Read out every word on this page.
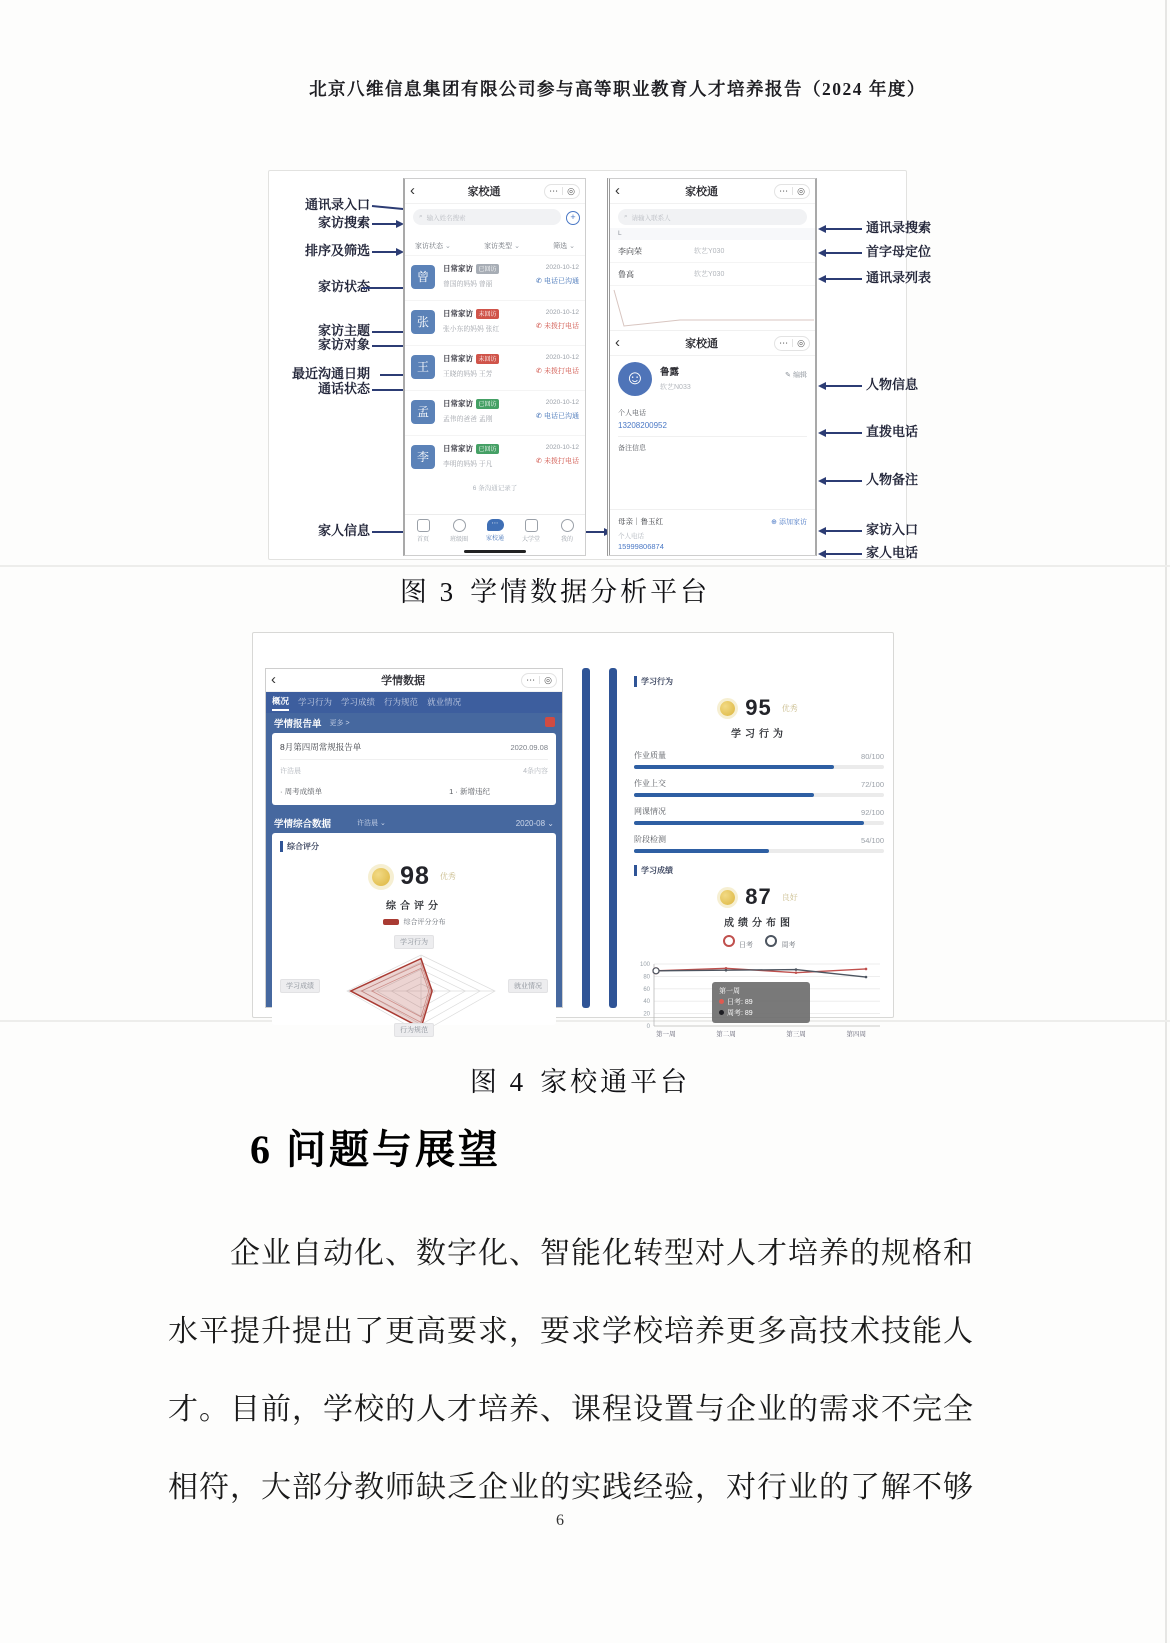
北京八维信息集团有限公司参与高等职业教育人才培养报告（2024 年度）
通讯录入口
家访搜索
排序及筛选
家访状态
家访主题
家访对象
最近沟通日期
通话状态
家人信息
通讯录搜索
首字母定位
通讯录列表
人物信息
直拨电话
人物备注
家访入口
家人电话
‹	家校通	⋯ ◎
⌕ 输入姓名搜索	+
家访状态 ⌄	家访类型 ⌄	筛选 ⌄
曾
日常家访 已回访
曾国的妈妈 曾丽
2020-10-12
✆ 电话已沟通
张
日常家访 未回访
张小东的妈妈 张红
2020-10-12
✆ 未拨打电话
王
日常家访 未回访
王晓的妈妈 王芳
2020-10-12
✆ 未拨打电话
孟
日常家访 已回访
孟伟的爸爸 孟刚
2020-10-12
✆ 电话已沟通
李
日常家访 已回访
李明的妈妈 于凡
2020-10-12
✆ 未拨打电话
6 条沟通记录了
首页	班级圈
⋯
家校通	大学堂	我的
‹	家校通	⋯ ◎
⌕ 请输入联系人
L
李向荣	软艺Y030
鲁高	软艺Y030
‹	家校通	⋯ ◎
☺	鲁露
软艺N033
✎ 编辑
个人电话
13208200952
备注信息
母亲｜鲁玉红	⊕ 添加家访
个人电话
15999806874
图 3 学情数据分析平台
‹	学情数据	⋯ ◎
概况 学习行为 学习成绩 行为规范 就业情况
学情报告单 更多 >
8月第四周常规报告单	2020.09.08
许浩晨	4条内容
· 周考成绩单	1 · 新增违纪
学情综合数据	许浩晨 ⌄	2020-08 ⌄
综合评分
98 优秀
综合评分
综合评分分布
学习行为
学习成绩	就业情况
行为规范
学习行为
95 优秀
学习行为
作业质量	80/100
作业上交	72/100
网课情况	92/100
阶段检测	54/100
学习成绩
87 良好
成绩分布图
日考	周考
0
20
40
60
80
100
第一周	第二周	第三周	第四周
第一周
日考: 89
周考: 89
图 4 家校通平台
6 问题与展望
企业自动化、数字化、智能化转型对人才培养的规格和
水平提升提出了更高要求，要求学校培养更多高技术技能人
才。目前，学校的人才培养、课程设置与企业的需求不完全
相符，大部分教师缺乏企业的实践经验，对行业的了解不够
6
